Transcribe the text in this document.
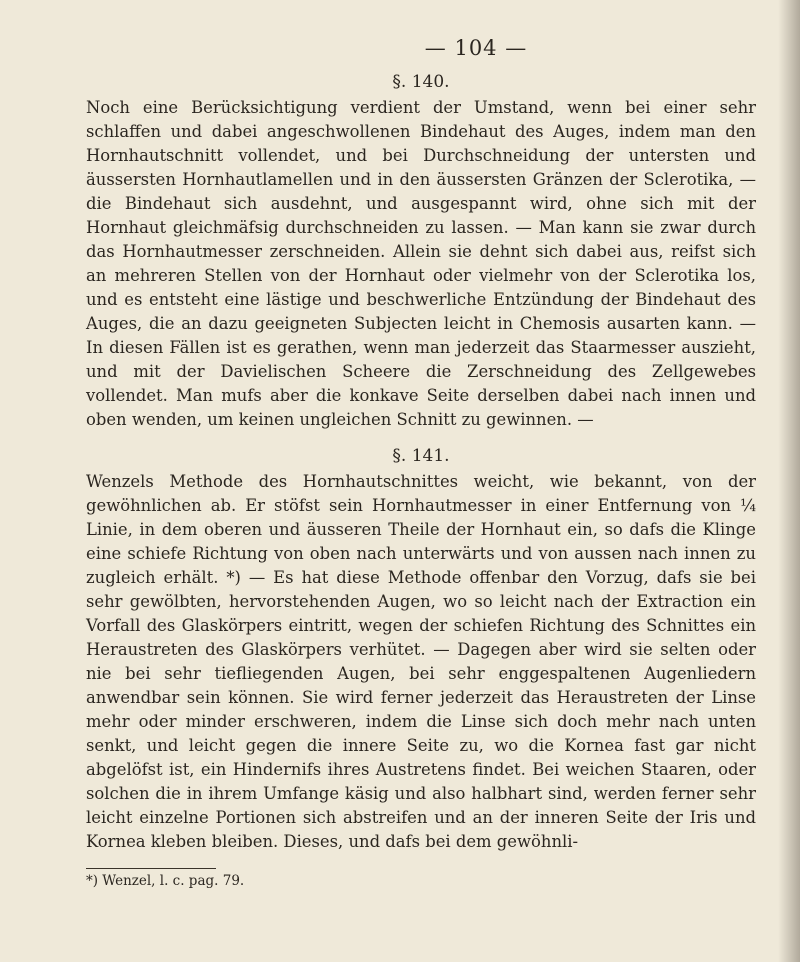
— 104 —
§. 140.

Noch eine Berücksichtigung verdient der Umstand, wenn bei einer sehr schlaffen und dabei angeschwollenen Bindehaut des Auges, indem man den Hornhautschnitt vollendet, und bei Durchschneidung der untersten und äussersten Hornhautlamellen und in den äussersten Gränzen der Sclerotika, — die Bindehaut sich ausdehnt, und ausgespannt wird, ohne sich mit der Hornhaut gleichmäfsig durchschneiden zu lassen. — Man kann sie zwar durch das Hornhautmesser zerschneiden. Allein sie dehnt sich dabei aus, reifst sich an mehreren Stellen von der Hornhaut oder vielmehr von der Sclerotika los, und es entsteht eine lästige und beschwerliche Entzündung der Bindehaut des Auges, die an dazu geeigneten Subjecten leicht in Chemosis ausarten kann. — In diesen Fällen ist es gerathen, wenn man jederzeit das Staarmesser auszieht, und mit der Davielischen Scheere die Zerschneidung des Zellgewebes vollendet. Man mufs aber die konkave Seite derselben dabei nach innen und oben wenden, um keinen ungleichen Schnitt zu gewinnen. —

§. 141.

Wenzels Methode des Hornhautschnittes weicht, wie bekannt, von der gewöhnlichen ab. Er stöfst sein Hornhautmesser in einer Entfernung von ¼ Linie, in dem oberen und äusseren Theile der Hornhaut ein, so dafs die Klinge eine schiefe Richtung von oben nach unterwärts und von aussen nach innen zu zugleich erhält. *) — Es hat diese Methode offenbar den Vorzug, dafs sie bei sehr gewölbten, hervorstehenden Augen, wo so leicht nach der Extraction ein Vorfall des Glaskörpers eintritt, wegen der schiefen Richtung des Schnittes ein Heraustreten des Glaskörpers verhütet. — Dagegen aber wird sie selten oder nie bei sehr tiefliegenden Augen, bei sehr enggespaltenen Augenliedern anwendbar sein können. Sie wird ferner jederzeit das Heraustreten der Linse mehr oder minder erschweren, indem die Linse sich doch mehr nach unten senkt, und leicht gegen die innere Seite zu, wo die Kornea fast gar nicht abgelöfst ist, ein Hindernifs ihres Austretens findet. Bei weichen Staaren, oder solchen die in ihrem Umfange käsig und also halbhart sind, werden ferner sehr leicht einzelne Portionen sich abstreifen und an der inneren Seite der Iris und Kornea kleben bleiben. Dieses, und dafs bei dem gewöhnli-

*) Wenzel, l. c. pag. 79.
